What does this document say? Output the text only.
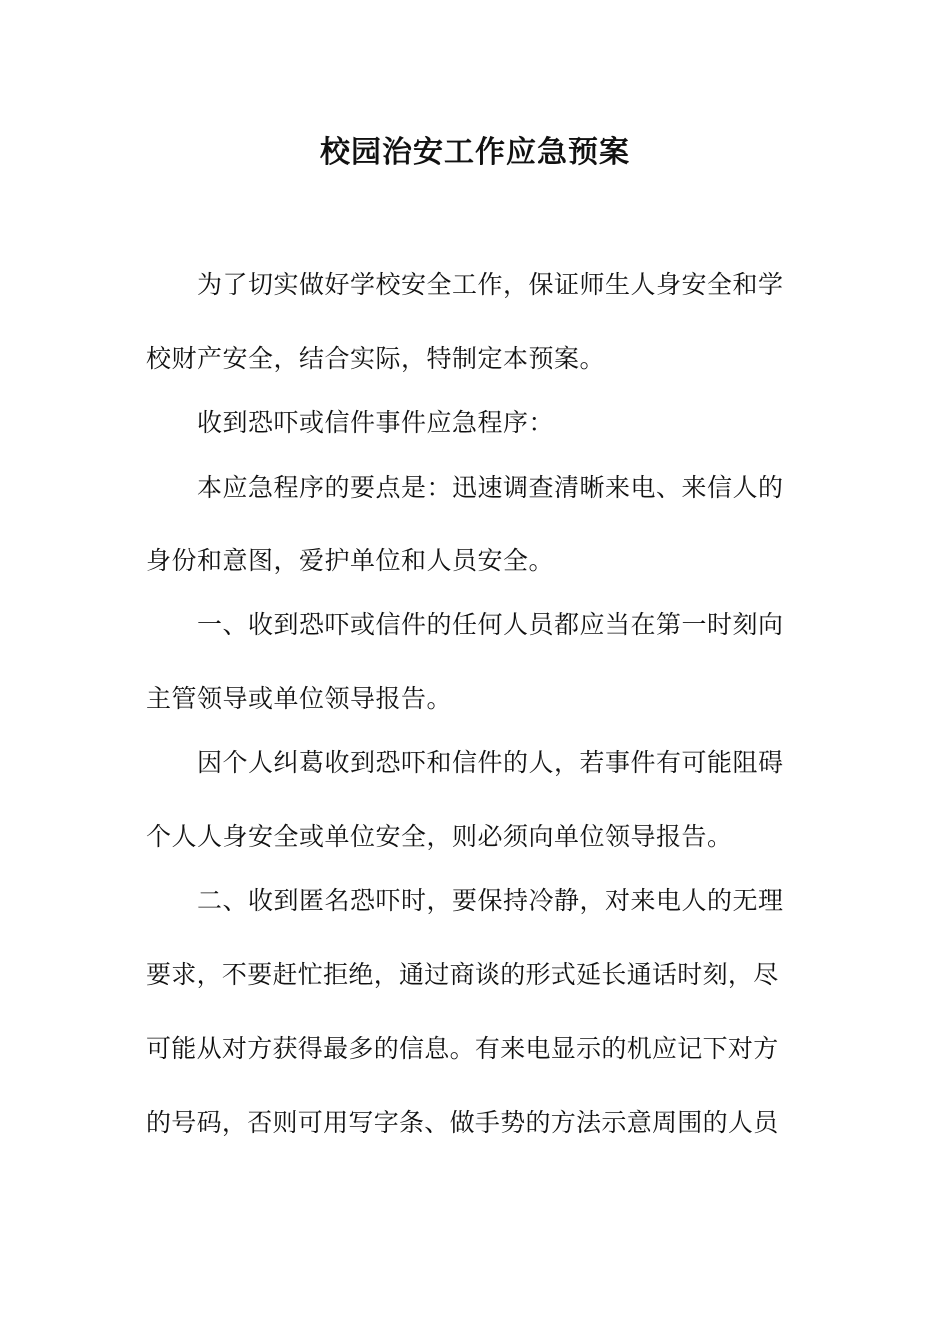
校园治安工作应急预案
为了切实做好学校安全工作，保证师生人身安全和学
校财产安全，结合实际，特制定本预案。
收到恐吓或信件事件应急程序：
本应急程序的要点是：迅速调查清晰来电、来信人的
身份和意图，爱护单位和人员安全。
一、收到恐吓或信件的任何人员都应当在第一时刻向
主管领导或单位领导报告。
因个人纠葛收到恐吓和信件的人，若事件有可能阻碍
个人人身安全或单位安全，则必须向单位领导报告。
二、收到匿名恐吓时，要保持冷静，对来电人的无理
要求，不要赶忙拒绝，通过商谈的形式延长通话时刻，尽
可能从对方获得最多的信息。有来电显示的机应记下对方
的号码，否则可用写字条、做手势的方法示意周围的人员
